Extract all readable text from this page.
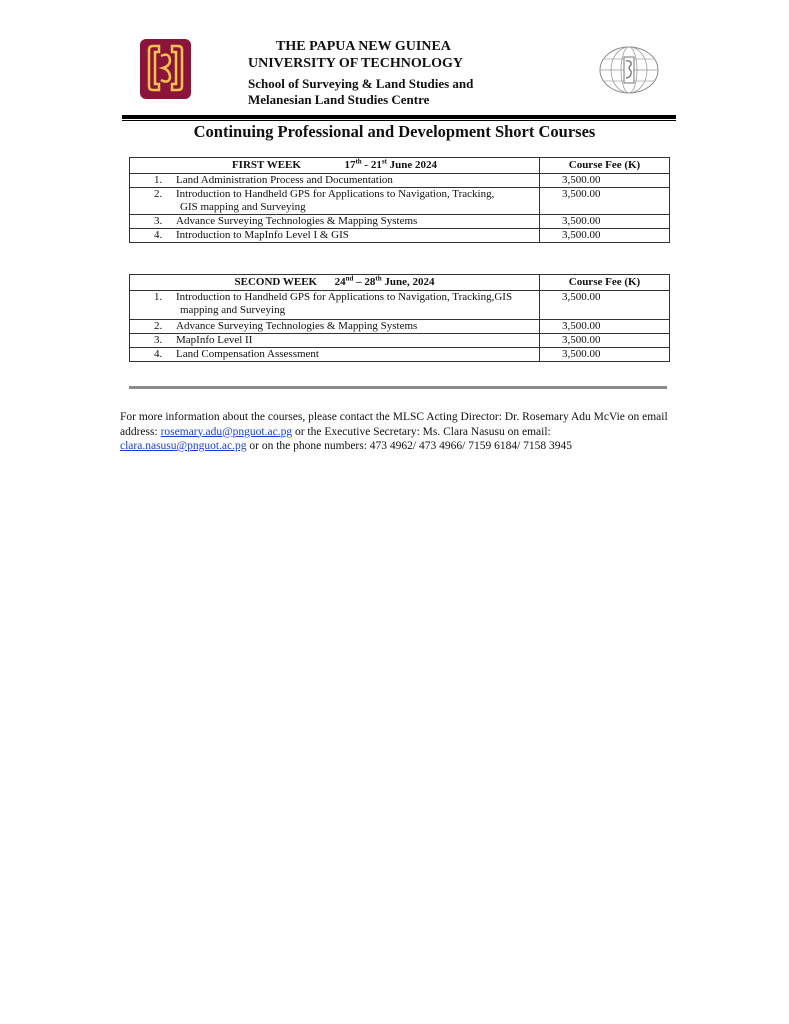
THE PAPUA NEW GUINEA
UNIVERSITY OF TECHNOLOGY
School of Surveying & Land Studies and
Melanesian Land Studies Centre
Continuing Professional and Development Short Courses
FIRST WEEK 17th - 21st June 2024	Course Fee (K)
1. Land Administration Process and Documentation	3,500.00
2. Introduction to Handheld GPS for Applications to Navigation, Tracking,
GIS mapping and Surveying	3,500.00
3. Advance Surveying Technologies & Mapping Systems	3,500.00
4. Introduction to MapInfo Level I & GIS	3,500.00
SECOND WEEK 24nd – 28th June, 2024	Course Fee (K)
1. Introduction to Handheld GPS for Applications to Navigation, Tracking,GIS
mapping and Surveying	3,500.00
2. Advance Surveying Technologies & Mapping Systems	3,500.00
3. MapInfo Level II	3,500.00
4. Land Compensation Assessment	3,500.00
For more information about the courses, please contact the MLSC Acting Director: Dr. Rosemary Adu McVie on email address: rosemary.adu@pnguot.ac.pg or the Executive Secretary: Ms. Clara Nasusu on email: clara.nasusu@pnguot.ac.pg or on the phone numbers: 473 4962/ 473 4966/ 7159 6184/ 7158 3945
